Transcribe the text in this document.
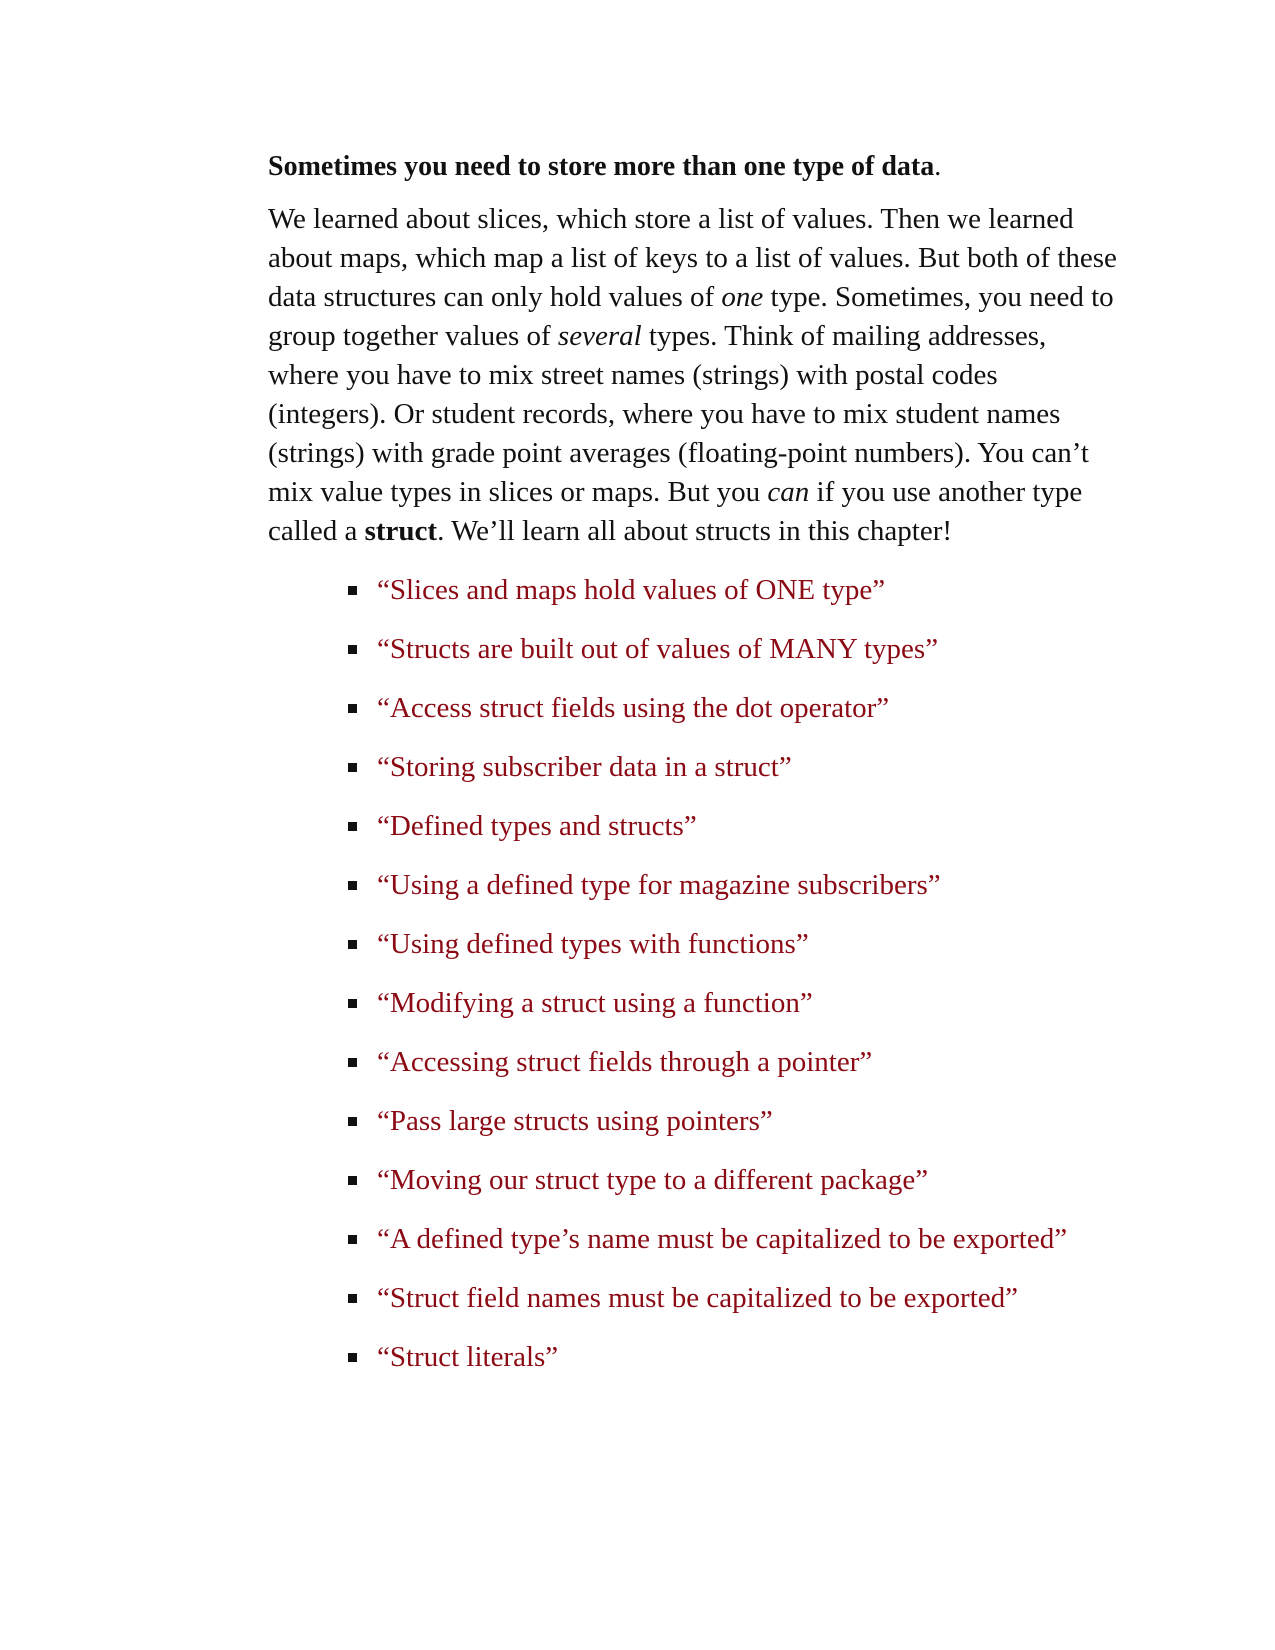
Sometimes you need to store more than one type of data.

We learned about slices, which store a list of values. Then we learned about maps, which map a list of keys to a list of values. But both of these data structures can only hold values of one type. Sometimes, you need to group together values of several types. Think of mailing addresses, where you have to mix street names (strings) with postal codes (integers). Or student records, where you have to mix student names (strings) with grade point averages (floating-point numbers). You can’t mix value types in slices or maps. But you can if you use another type called a struct. We’ll learn all about structs in this chapter!

“Slices and maps hold values of ONE type”
“Structs are built out of values of MANY types”
“Access struct fields using the dot operator”
“Storing subscriber data in a struct”
“Defined types and structs”
“Using a defined type for magazine subscribers”
“Using defined types with functions”
“Modifying a struct using a function”
“Accessing struct fields through a pointer”
“Pass large structs using pointers”
“Moving our struct type to a different package”
“A defined type’s name must be capitalized to be exported”
“Struct field names must be capitalized to be exported”
“Struct literals”
